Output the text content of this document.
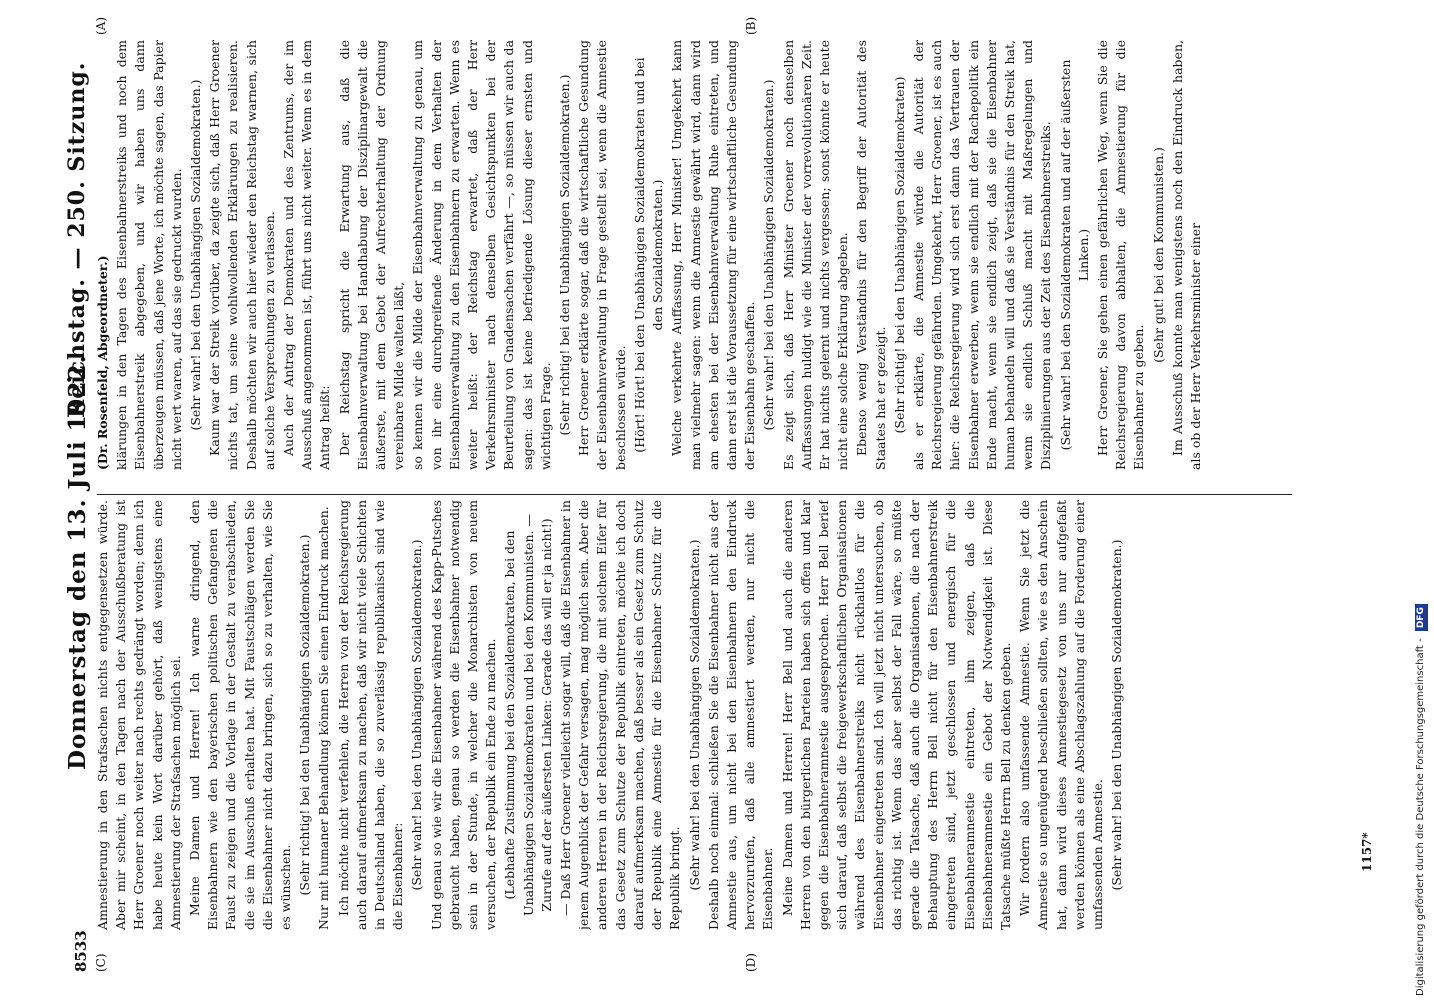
8533
Donnerstag den 13. Juli 1922.
Reichstag. — 250. Sitzung.
(A)	(B)
(C)	(D)

(Dr. Rosenfeld, Abgeordneter.) klärungen in den Tagen des Eisenbahnerstreiks und noch dem Eisenbahnerstreik abgegeben, und wir haben uns dann überzeugen müssen, daß jene Worte, ich möchte sagen, das Papier nicht wert waren, auf das sie gedruckt wurden. (Sehr wahr! bei den Unabhängigen Sozialdemokraten.) Kaum war der Streik vorüber, da zeigte sich, daß Herr Groener nichts tat, um seine wohlwollenden Erklärungen zu realisieren. Deshalb möchten wir auch hier wieder den Reichstag warnen, sich auf solche Versprechungen zu verlassen. Auch der Antrag der Demokraten und des Zentrums, der im Ausschuß angenommen ist, führt uns nicht weiter. Wenn es in dem Antrag heißt: Der Reichstag spricht die Erwartung aus, daß die Eisenbahnverwaltung bei Handhabung der Disziplinargewalt die äußerste, mit dem Gebot der Aufrechterhaltung der Ordnung vereinbare Milde walten läßt, so kennen wir die Milde der Eisenbahnverwaltung zu genau, um von ihr eine durchgreifende Änderung in dem Verhalten der Eisenbahnverwaltung zu den Eisenbahnern zu erwarten. Wenn es weiter heißt: der Reichstag erwartet, daß der Herr Verkehrsminister nach denselben Gesichtspunkten bei der Beurteilung von Gnadensachen verfährt —, so müssen wir auch da sagen: das ist keine befriedigende Lösung dieser ernsten und wichtigen Frage. (Sehr richtig! bei den Unabhängigen Sozialdemokraten.) Herr Groener erklärte sogar, daß die wirtschaftliche Gesundung der Eisenbahnverwaltung in Frage gestellt sei, wenn die Amnestie beschlossen würde. (Hört! Hört! bei den Unabhängigen Sozialdemokraten und bei den Sozialdemokraten.) Welche verkehrte Auffassung, Herr Minister! Umgekehrt kann man vielmehr sagen: wenn die Amnestie gewährt wird, dann wird am ehesten bei der Eisenbahnverwaltung Ruhe eintreten, und dann erst ist die Voraussetzung für eine wirtschaftliche Gesundung der Eisenbahn geschaffen. (Sehr wahr! bei den Unabhängigen Sozialdemokraten.) Es zeigt sich, daß Herr Minister Groener noch denselben Auffassungen huldigt wie die Minister der vorrevolutionären Zeit. Er hat nichts gelernt und nichts vergessen; sonst könnte er heute nicht eine solche Erklärung abgeben. Ebenso wenig Verständnis für den Begriff der Autorität des Staates hat er gezeigt. (Sehr richtig! bei den Unabhängigen Sozialdemokraten) als er erklärte, die Amnestie würde die Autorität der Reichsregierung gefährden. Umgekehrt, Herr Groener, ist es auch hier: die Reichsregierung wird sich erst dann das Vertrauen der Eisenbahner erwerben, wenn sie endlich mit der Rachepolitik ein Ende macht, wenn sie endlich zeigt, daß sie die Eisenbahner human behandeln will und daß sie Verständnis für den Streik hat, wenn sie endlich Schluß macht mit Maßregelungen und Disziplinierungen aus der Zeit des Eisenbahnerstreiks. (Sehr wahr! bei den Sozialdemokraten und auf der äußersten Linken.) Herr Groener, Sie gehen einen gefährlichen Weg, wenn Sie die Reichsregierung davon abhalten, die Amnestierung für die Eisenbahner zu geben.

(Sehr gut! bei den Kommunisten.) Im Ausschuß konnte man wenigstens noch den Eindruck haben, als ob der Herr Verkehrsminister einer

Amnestierung in den Strafsachen nichts entgegensetzen würde. Aber mir scheint, in den Tagen nach der Ausschußberatung ist Herr Groener noch weiter nach rechts gedrängt worden; denn ich habe heute kein Wort darüber gehört, daß wenigstens eine Amnestierung der Strafsachen möglich sei. Meine Damen und Herren! Ich warne dringend, den Eisenbahnern wie den bayerischen politischen Gefangenen die Faust zu zeigen und die Vorlage in der Gestalt zu verabschieden, die sie im Ausschuß erhalten hat. Mit Faustschlägen werden Sie die Eisenbahner nicht dazu bringen, sich so zu verhalten, wie Sie es wünschen. (Sehr richtig! bei den Unabhängigen Sozialdemokraten.) Nur mit humaner Behandlung können Sie einen Eindruck machen. Ich möchte nicht verfehlen, die Herren von der Reichsregierung auch darauf aufmerksam zu machen, daß wir nicht viele Schichten in Deutschland haben, die so zuverlässig republikanisch sind wie die Eisenbahner: (Sehr wahr! bei den Unabhängigen Sozialdemokraten.) Und genau so wie wir die Eisenbahner während des Kapp-Putsches gebraucht haben, genau so werden die Eisenbahner notwendig sein in der Stunde, in welcher die Monarchisten von neuem versuchen, der Republik ein Ende zu machen. (Lebhafte Zustimmung bei den Sozialdemokraten, bei den Unabhängigen Sozialdemokraten und bei den Kommunisten. — Zurufe auf der äußersten Linken: Gerade das will er ja nicht!) — Daß Herr Groener vielleicht sogar will, daß die Eisenbahner in jenem Augenblick der Gefahr versagen, mag möglich sein. Aber die anderen Herren in der Reichsregierung, die mit solchem Eifer für das Gesetz zum Schutze der Republik eintreten, möchte ich doch darauf aufmerksam machen, daß besser als ein Gesetz zum Schutz der Republik eine Amnestie für die Eisenbahner Schutz für die Republik bringt. (Sehr wahr! bei den Unabhängigen Sozialdemokraten.) Deshalb noch einmal: schließen Sie die Eisenbahner nicht aus der Amnestie aus, um nicht bei den Eisenbahnern den Eindruck hervorzurufen, daß alle amnestiert werden, nur nicht die Eisenbahner. Meine Damen und Herren! Herr Bell und auch die anderen Herren von den bürgerlichen Parteien haben sich offen und klar gegen die Eisenbahneramnestie ausgesprochen. Herr Bell berief sich darauf, daß selbst die freigewerkschaftlichen Organisationen während des Eisenbahnerstreiks nicht rückhaltlos für die Eisenbahner eingetreten sind. Ich will jetzt nicht untersuchen, ob das richtig ist. Wenn das aber selbst der Fall wäre, so müßte gerade die Tatsache, daß auch die Organisationen, die nach der Behauptung des Herrn Bell nicht für den Eisenbahnerstreik eingetreten sind, jetzt geschlossen und energisch für die Eisenbahneramnestie eintreten, ihm zeigen, daß die Eisenbahneramnestie ein Gebot der Notwendigkeit ist. Diese Tatsache müßte Herrn Bell zu denken geben. Wir fordern also umfassende Amnestie. Wenn Sie jetzt die Amnestie so ungenügend beschließen sollten, wie es den Anschein hat, dann wird dieses Amnestiegesetz von uns nur aufgefaßt werden können als eine Abschlagszahlung auf die Forderung einer umfassenden Amnestie. (Sehr wahr! bei den Unabhängigen Sozialdemokraten.)	1157*	Digitalisierung gefördert durch die Deutsche Forschungsgemeinschaft - DFG
